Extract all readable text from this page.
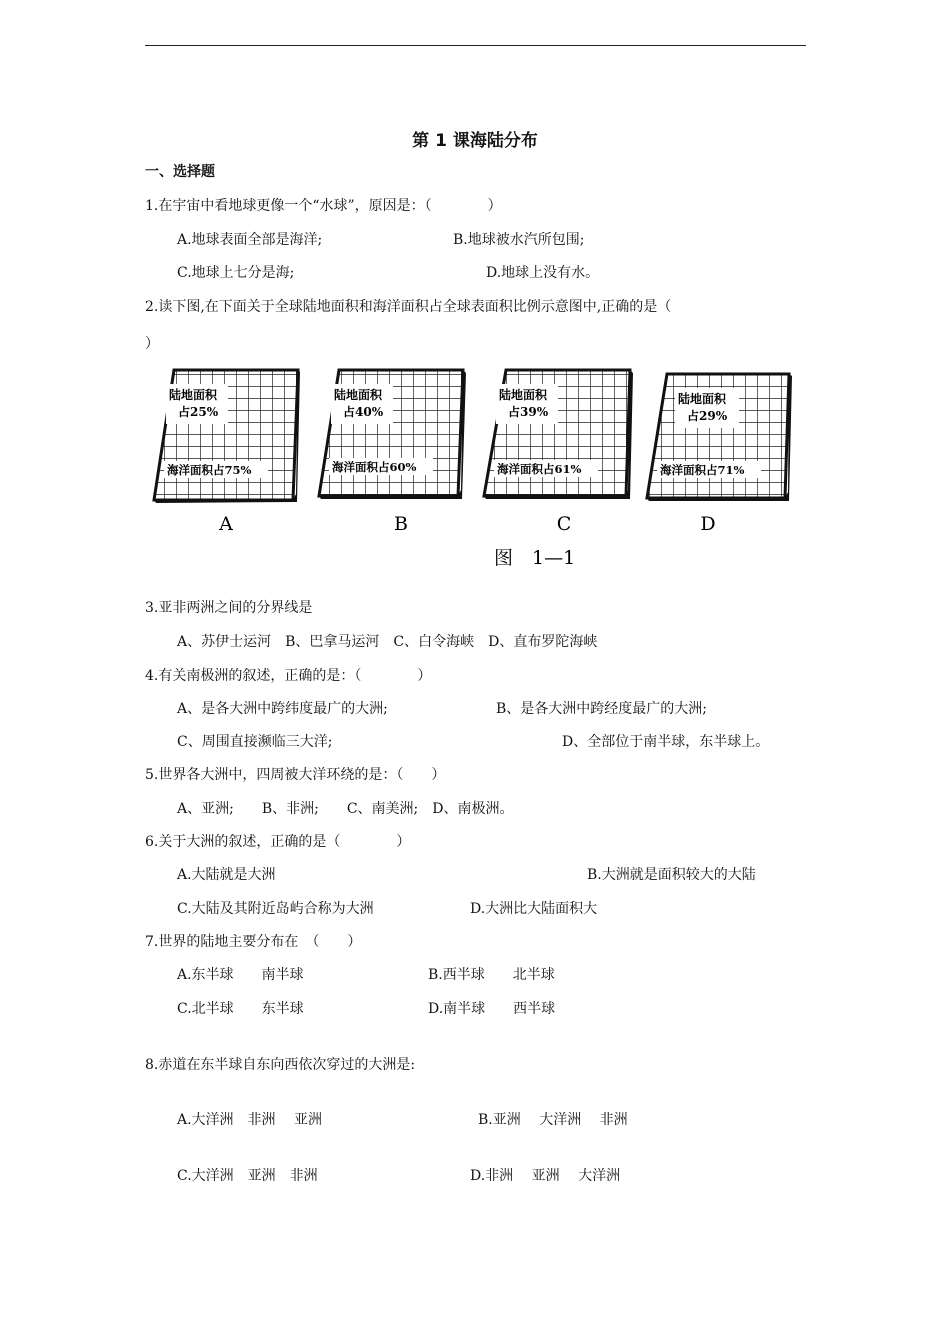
第 1 课海陆分布
一、选择题
1.在宇宙中看地球更像一个“水球”，原因是：（　　　　）
A.地球表面全部是海洋;	B.地球被水汽所包围;
C.地球上七分是海;	D.地球上没有水。
2.读下图,在下面关于全球陆地面积和海洋面积占全球表面积比例示意图中,正确的是（
）
陆地面积
占25%
海洋面积占75%
A
陆地面积
占40%
海洋面积占60%
B
陆地面积
占39%
海洋面积占61%
C
陆地面积
占29%
海洋面积占71%
D
图　1—1
3.亚非两洲之间的分界线是
A、苏伊士运河　B、巴拿马运河　C、白令海峡　D、直布罗陀海峡
4.有关南极洲的叙述，正确的是：（　　　　）
A、是各大洲中跨纬度最广的大洲;	B、是各大洲中跨经度最广的大洲;
C、周围直接濒临三大洋;	D、全部位于南半球，东半球上。
5.世界各大洲中，四周被大洋环绕的是：（　　）
A、亚洲;　　B、非洲;　　C、南美洲;　D、南极洲。
6.关于大洲的叙述，正确的是（　　　　）
A.大陆就是大洲	B.大洲就是面积较大的大陆
C.大陆及其附近岛屿合称为大洲	D.大洲比大陆面积大
7.世界的陆地主要分布在　（　　）
A.东半球　　南半球	B.西半球　　北半球
C.北半球　　东半球	D.南半球　　西半球
8.赤道在东半球自东向西依次穿过的大洲是:
A.大洋洲　非洲　 亚洲	B.亚洲　 大洋洲　 非洲
C.大洋洲　亚洲　非洲	D.非洲　 亚洲　 大洋洲
